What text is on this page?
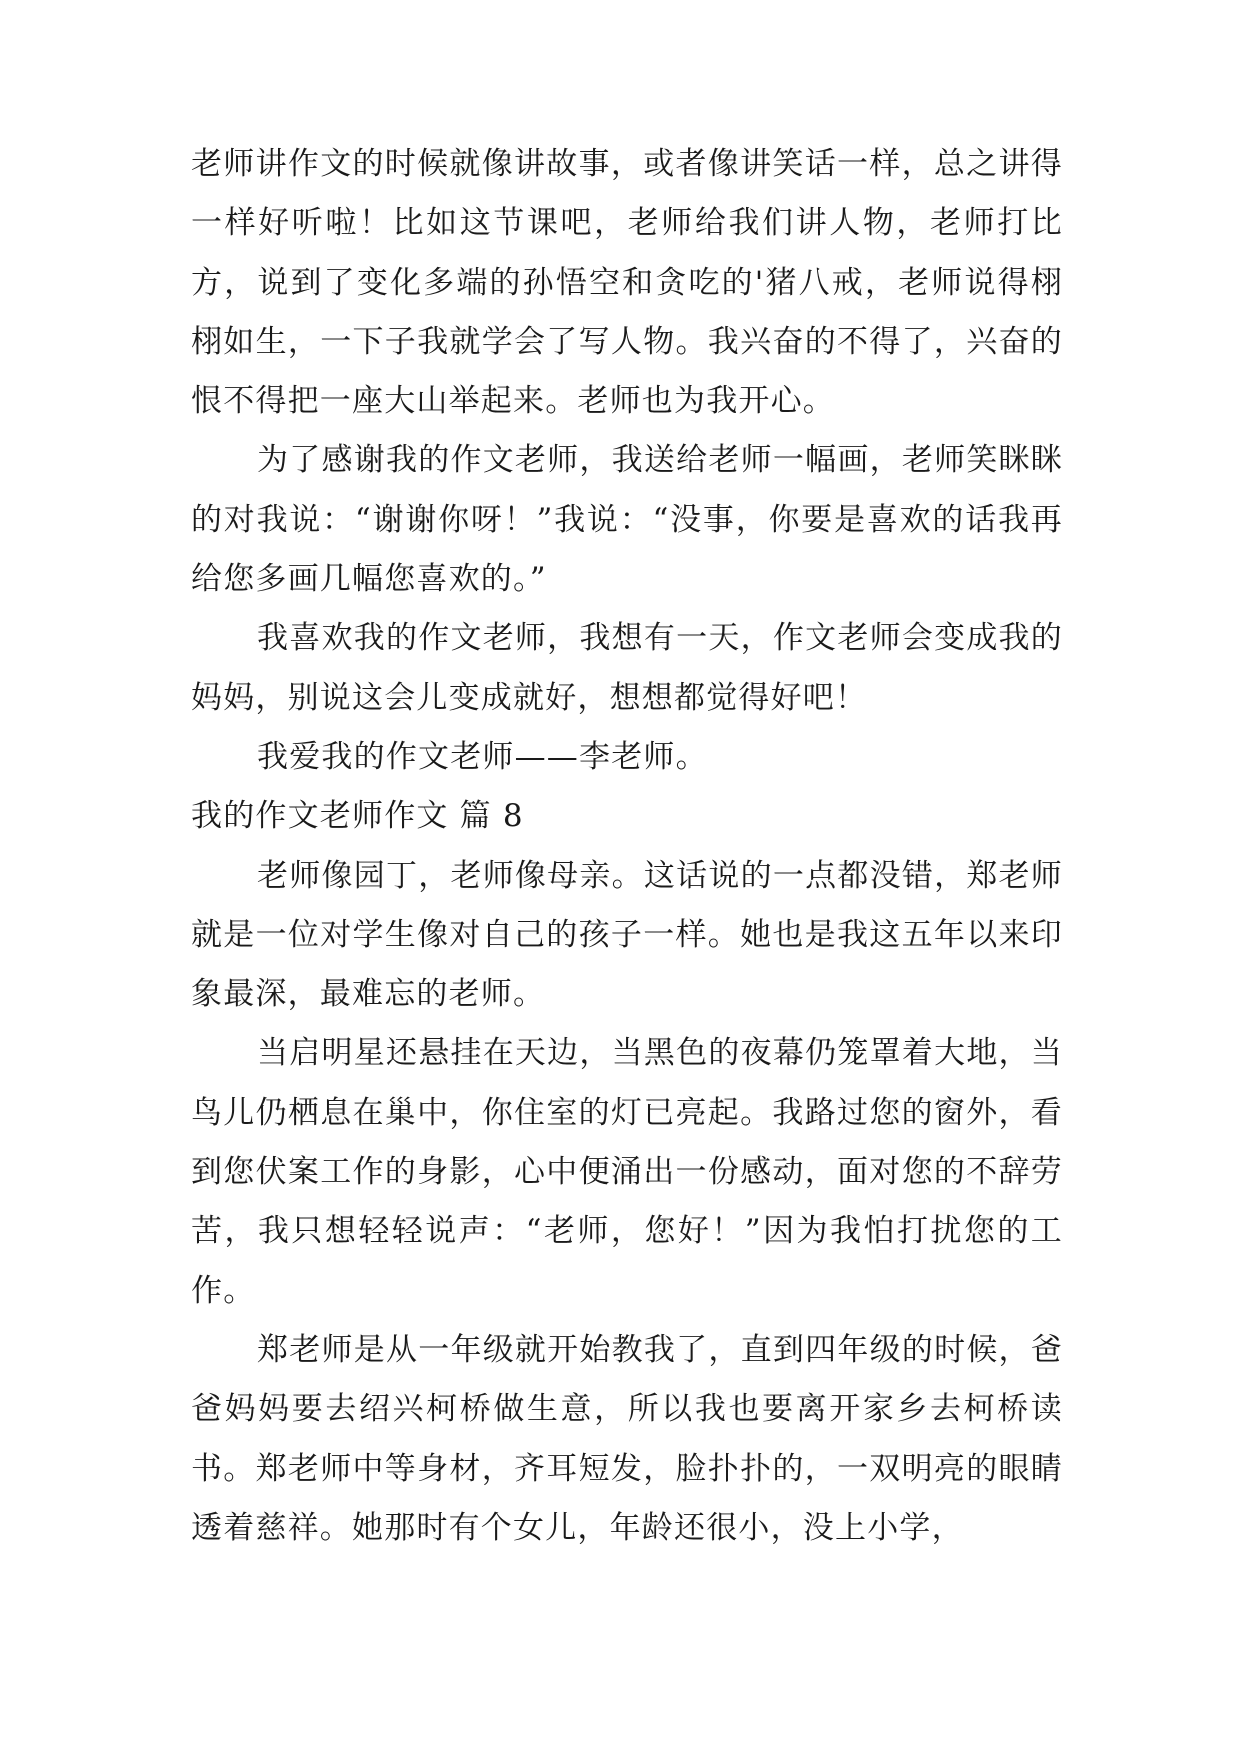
老师讲作文的时候就像讲故事，或者像讲笑话一样，总之讲得一样好听啦！比如这节课吧，老师给我们讲人物，老师打比方，说到了变化多端的孙悟空和贪吃的'猪八戒，老师说得栩栩如生，一下子我就学会了写人物。我兴奋的不得了，兴奋的恨不得把一座大山举起来。老师也为我开心。

为了感谢我的作文老师，我送给老师一幅画，老师笑眯眯的对我说：“谢谢你呀！”我说：“没事，你要是喜欢的话我再给您多画几幅您喜欢的。”

我喜欢我的作文老师，我想有一天，作文老师会变成我的妈妈，别说这会儿变成就好，想想都觉得好吧！

我爱我的作文老师——李老师。

我的作文老师作文 篇 8

老师像园丁，老师像母亲。这话说的一点都没错，郑老师就是一位对学生像对自己的孩子一样。她也是我这五年以来印象最深，最难忘的老师。

当启明星还悬挂在天边，当黑色的夜幕仍笼罩着大地，当鸟儿仍栖息在巢中，你住室的灯已亮起。我路过您的窗外，看到您伏案工作的身影，心中便涌出一份感动，面对您的不辞劳苦，我只想轻轻说声：“老师，您好！”因为我怕打扰您的工作。

郑老师是从一年级就开始教我了，直到四年级的时候，爸爸妈妈要去绍兴柯桥做生意，所以我也要离开家乡去柯桥读书。郑老师中等身材，齐耳短发，脸扑扑的，一双明亮的眼睛透着慈祥。她那时有个女儿，年龄还很小，没上小学，
